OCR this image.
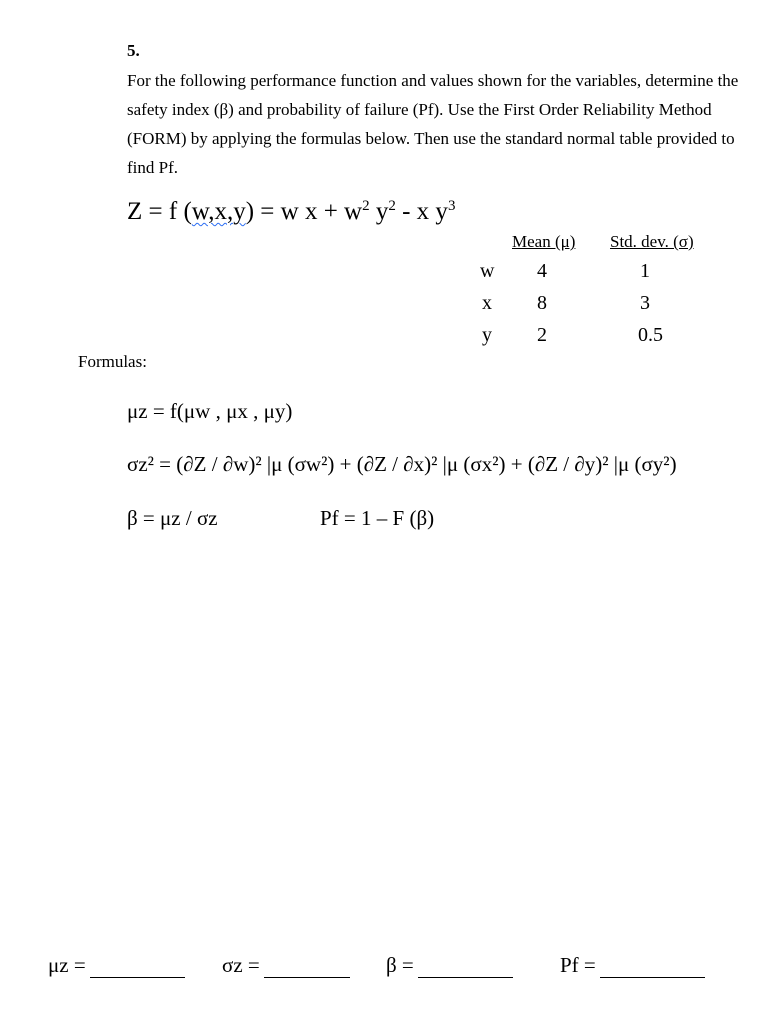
5.

For the following performance function and values shown for the variables, determine the safety index (β) and probability of failure (Pf). Use the First Order Reliability Method (FORM) by applying the formulas below. Then use the standard normal table provided to find Pf.

Z = f (w,x,y) = w $x + w^2$ $y^2$ - x $y^3$
Mean (μ) Std. dev. (σ)
w 4	1
x 8	3
y 2	0.5
Formulas:
μz = f(μw , μx , μy)
σz² = (∂Z / ∂w)² |μ (σw²) + (∂Z / ∂x)² |μ (σx²) + (∂Z / ∂y)² |μ (σy²)
β = μz / σz	Pf = 1 – F (β)
μz =	σz =	β =	Pf =
